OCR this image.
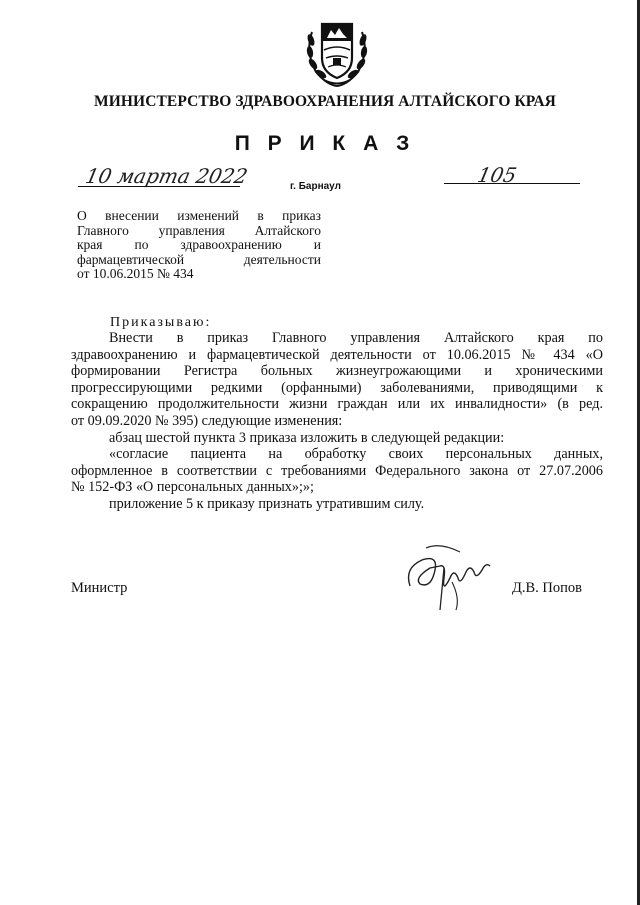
МИНИСТЕРСТВО ЗДРАВООХРАНЕНИЯ АЛТАЙСКОГО КРАЯ
П Р И К А З
10 марта 2022	г. Барнаул	105
О внесении изменений в приказ
Главного управления Алтайского
края по здравоохранению и
фармацевтической деятельности
от 10.06.2015 № 434
Приказываю:

Внести в приказ Главного управления Алтайского края по

здравоохранению и фармацевтической деятельности от 10.06.2015 № 434 «О

формировании Регистра больных жизнеугрожающими и хроническими

прогрессирующими редкими (орфанными) заболеваниями, приводящими к

сокращению продолжительности жизни граждан или их инвалидности» (в ред.

от 09.09.2020 № 395) следующие изменения:

абзац шестой пункта 3 приказа изложить в следующей редакции:

«согласие пациента на обработку своих персональных данных,

оформленное в соответствии с требованиями Федерального закона от 27.07.2006

№ 152-ФЗ «О персональных данных»;»;

приложение 5 к приказу признать утратившим силу.

Министр	Д.В. Попов
